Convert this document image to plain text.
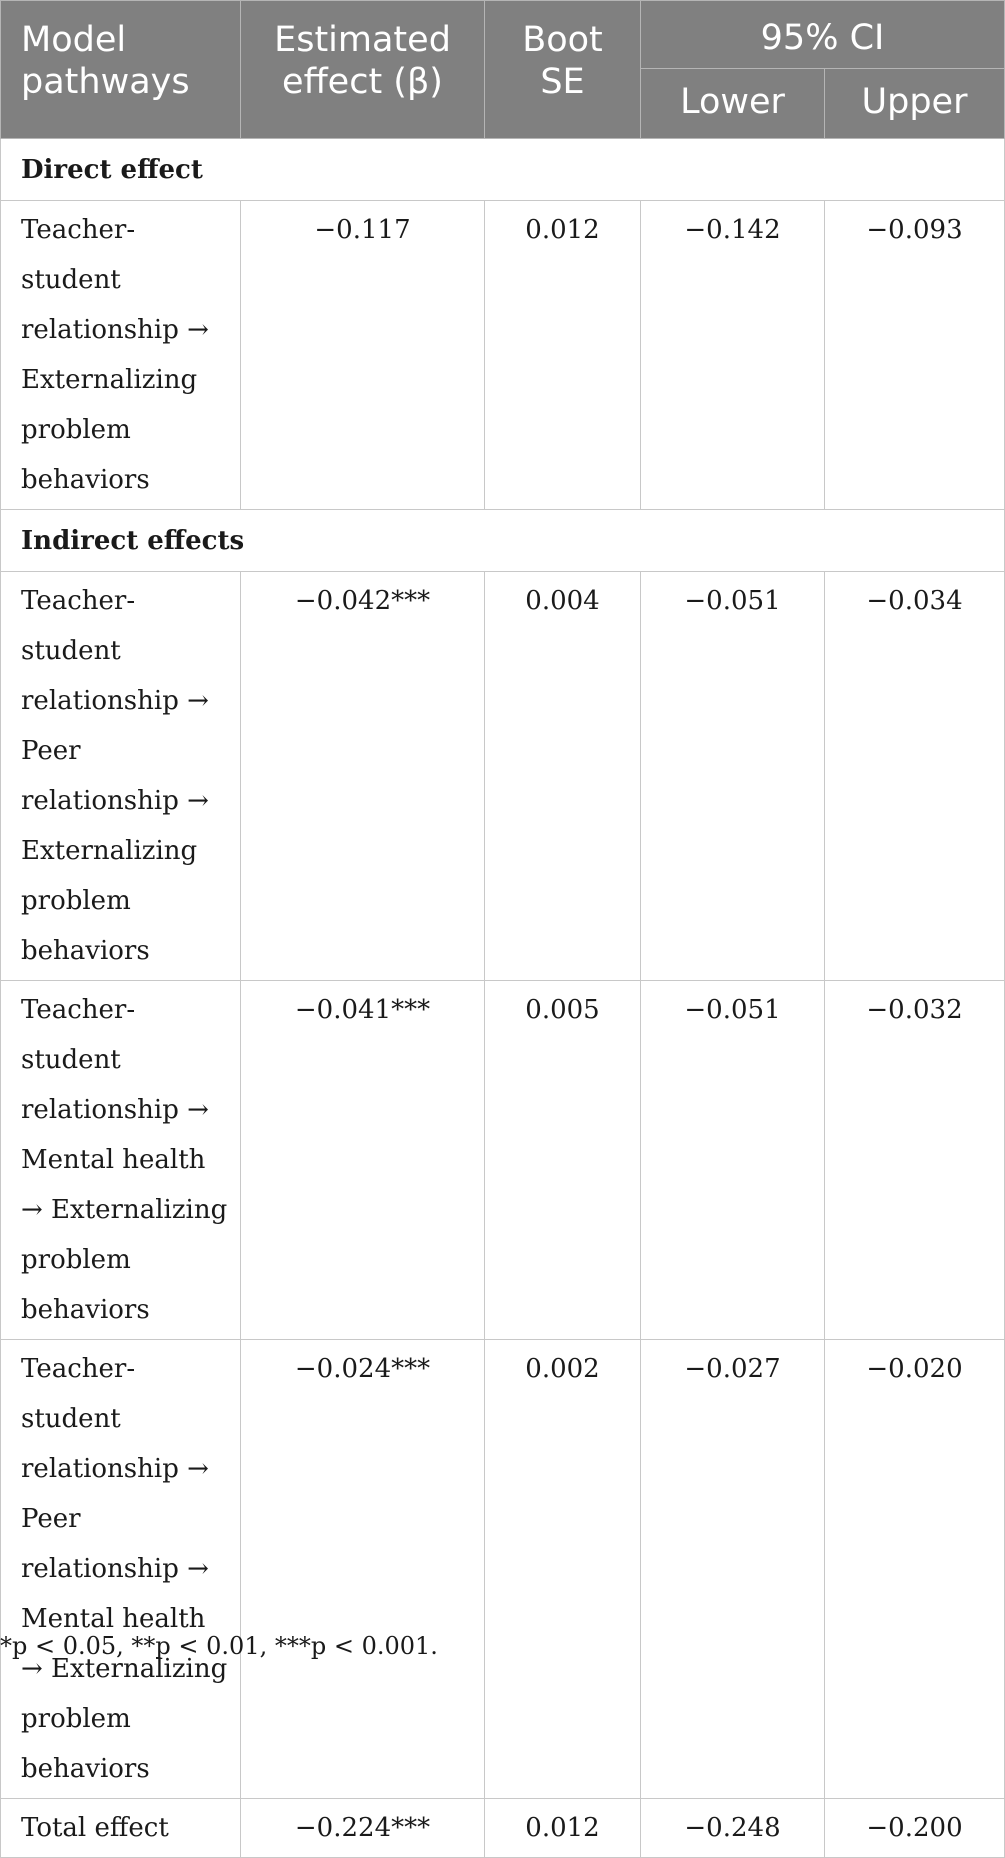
Model pathways	Estimated effect (β)	Boot SE	95% CI	
			Lower	Upper
Direct effect				
Teacher-student relationship → Externalizing problem behaviors	−0.117	0.012	−0.142	−0.093
Indirect effects				
Teacher-student relationship → Peer relationship → Externalizing problem behaviors	−0.042***	0.004	−0.051	−0.034
Teacher-student relationship → Mental health → Externalizing problem behaviors	−0.041***	0.005	−0.051	−0.032
Teacher-student relationship → Peer relationship → Mental health → Externalizing problem behaviors	−0.024***	0.002	−0.027	−0.020
Total effect	−0.224***	0.012	−0.248	−0.200
*p < 0.05, **p < 0.01, ***p < 0.001.
